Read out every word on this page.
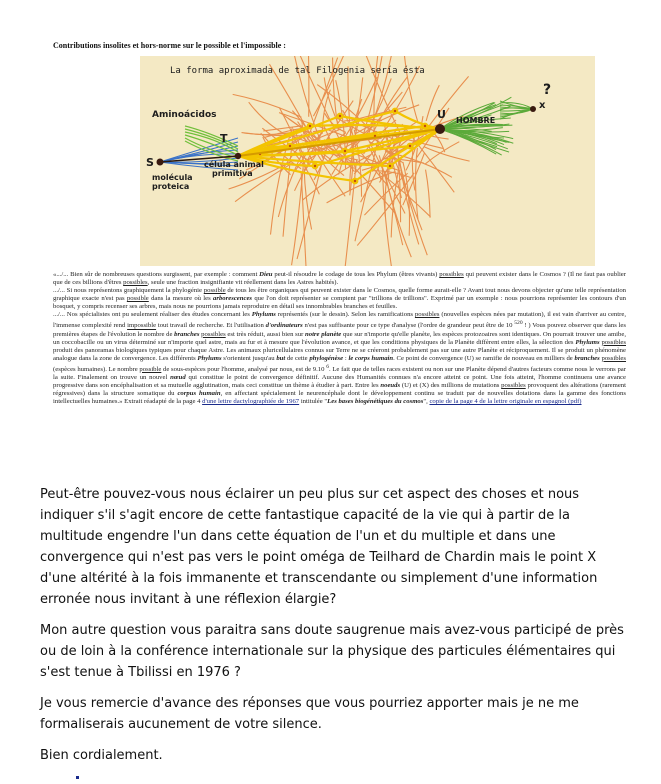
Contributions insolites et hors-norme sur le possible et l'impossible :
La forma aproximada de tal Filogenia sería ésta
Aminoácidos
S
molécula
proteica
T
célula animal
primitiva
U HOMBRE
x
?

«.../... Bien sûr de nombreuses questions surgissent, par exemple : comment Dieu peut-il résoudre le codage de tous les Phylum (êtres vivants) possibles qui peuvent exister dans le Cosmos ? (Il ne faut pas oublier que de ces billions d'êtres possibles, seule une fraction insignifiante vit réellement dans les Astres habités).

.../... Si nous représentons graphiquement la phylogénie possible de tous les être organiques qui peuvent exister dans le Cosmos, quelle forme aurait-elle ? Avant tout nous devons objecter qu'une telle représentation graphique exacte n'est pas possible dans la mesure où les arborescences que l'on doit représenter se comptent par "trillions de trillions". Exprimé par un exemple : nous pourrions représenter les contours d'un bosquet, y compris recenser ses arbres, mais nous ne pourrions jamais reproduire en détail ses innombrables branches et feuilles.

.../... Nos spécialistes ont pu seulement réaliser des études concernant les Phylums représentés (sur le dessin). Selon les ramifications possibles (nouvelles espèces nées par mutation), il est vain d'arriver au centre, l'immense complexité rend impossible tout travail de recherche. Et l'utilisation d'ordinateurs n'est pas suffisante pour ce type d'analyse (l'ordre de grandeur peut être de 10 $^{520}$ ! ) Vous pouvez observer que dans les premières étapes de l'évolution le nombre de branches possibles est très réduit, aussi bien sur notre planète que sur n'importe qu'elle planète, les espèces protozoaires sont identiques. On pourrait trouver une amibe, un coccobacille ou un virus déterminé sur n'importe quel astre, mais au fur et à mesure que l'évolution avance, et que les conditions physiques de la Planète diffèrent entre elles, la sélection des Phylums possibles produit des panoramas biologiques typiques pour chaque Astre. Les animaux pluricellulaires connus sur Terre ne se créeront probablement pas sur une autre Planète et réciproquement. Il se produit un phénomène analogue dans la zone de convergence. Les différents Phylums s'orientent jusqu'au but de cette phylogénèse : le corps humain. Ce point de convergence (U) se ramifie de nouveau en milliers de branches possibles (espèces humaines). Le nombre possible de sous-espèces pour l'homme, analysé par nous, est de 9.10 $^6$. Le fait que de telles races existent ou non sur une Planète dépend d'autres facteurs comme nous le verrons par la suite. Finalement on trouve un nouvel nœud qui constitue le point de convergence définitif. Aucune des Humanités connues n'a encore atteint ce point. Une fois atteint, l'homme continuera une avance progressive dans son encéphalisation et sa mutuelle agglutination, mais ceci constitue un thème à étudier à part. Entre les noeuds (U) et (X) des millions de mutations possibles provoquent des altérations (rarement régressives) dans la structure somatique du corpus humain, en affectant spécialement le neurencéphale dont le développement continu se traduit par de nouvelles dotations dans la gamme des fonctions intellectuelles humaines.» Extrait réadapté de la page 4 d'une lettre dactylographiée de 1967 intitulée "Les bases biogénétiques du cosmos", copie de la page 4 de la lettre originale en espagnol (pdf)

Peut-être pouvez-vous nous éclairer un peu plus sur cet aspect des choses et nous indiquer s'il s'agit encore de cette fantastique capacité de la vie qui à partir de la multitude engendre l'un dans cette équation de l'un et du multiple et dans une convergence qui n'est pas vers le point oméga de Teilhard de Chardin mais le point X d'une altérité à la fois immanente et transcendante ou simplement d'une information erronée nous invitant à une réflexion élargie?

Mon autre question vous paraitra sans doute saugrenue mais avez-vous participé de près ou de loin à la conférence internationale sur la physique des particules élémentaires qui s'est tenue à Tbilissi en 1976 ?

Je vous remercie d'avance des réponses que vous pourriez apporter mais je ne me formaliserais aucunement de votre silence.

Bien cordialement.
